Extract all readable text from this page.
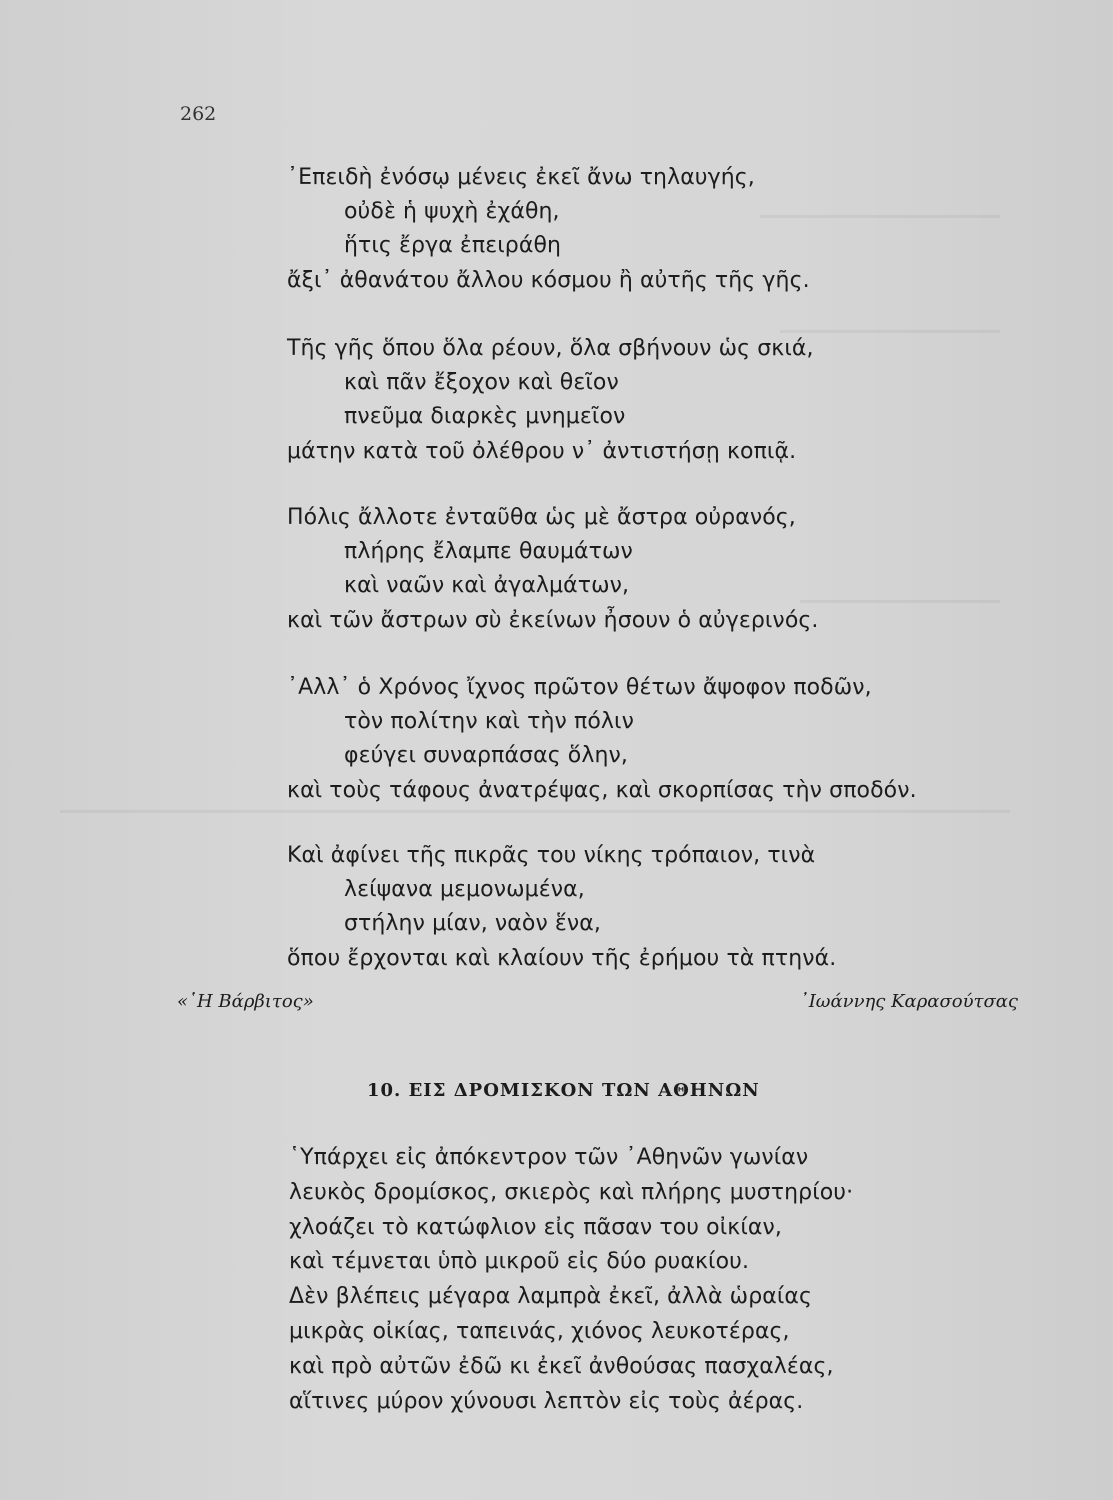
262
᾿Επειδὴ ἐνόσῳ μένεις ἐκεῖ ἄνω τηλαυγής,
οὐδὲ ἡ ψυχὴ ἐχάθη,
ἥτις ἔργα ἐπειράθη
ἄξι᾿ ἀθανάτου ἄλλου κόσμου ἢ αὐτῆς τῆς γῆς.
Τῆς γῆς ὅπου ὅλα ρέουν, ὅλα σβήνουν ὡς σκιά,
καὶ πᾶν ἔξοχον καὶ θεῖον
πνεῦμα διαρκὲς μνημεῖον
μάτην κατὰ τοῦ ὀλέθρου ν᾿ ἀντιστήσῃ κοπιᾷ.
Πόλις ἄλλοτε ἐνταῦθα ὡς μὲ ἄστρα οὐρανός,
πλήρης ἔλαμπε θαυμάτων
καὶ ναῶν καὶ ἀγαλμάτων,
καὶ τῶν ἄστρων σὺ ἐκείνων ἦσουν ὁ αὐγερινός.
᾿Αλλ᾿ ὁ Χρόνος ἴχνος πρῶτον θέτων ἄψοφον ποδῶν,
τὸν πολίτην καὶ τὴν πόλιν
φεύγει συναρπάσας ὅλην,
καὶ τοὺς τάφους ἀνατρέψας, καὶ σκορπίσας τὴν σποδόν.
Καὶ ἀφίνει τῆς πικρᾶς του νίκης τρόπαιον, τινὰ
λείψανα μεμονωμένα,
στήλην μίαν, ναὸν ἕνα,
ὅπου ἔρχονται καὶ κλαίουν τῆς ἐρήμου τὰ πτηνά.
«῾Η Βάρβιτος»	᾿Ιωάννης Καρασούτσας
10. ΕΙΣ ΔΡΟΜΙΣΚΟΝ ΤΩΝ ΑΘΗΝΩΝ
῾Υπάρχει εἰς ἀπόκεντρον τῶν ᾿Αθηνῶν γωνίαν
λευκὸς δρομίσκος, σκιερὸς καὶ πλήρης μυστηρίου·
χλοάζει τὸ κατώφλιον εἰς πᾶσαν του οἰκίαν,
καὶ τέμνεται ὑπὸ μικροῦ εἰς δύο ρυακίου.
Δὲν βλέπεις μέγαρα λαμπρὰ ἐκεῖ, ἀλλὰ ὡραίας
μικρὰς οἰκίας, ταπεινάς, χιόνος λευκοτέρας,
καὶ πρὸ αὐτῶν ἐδῶ κι ἐκεῖ ἀνθούσας πασχαλέας,
αἵτινες μύρον χύνουσι λεπτὸν εἰς τοὺς ἀέρας.
